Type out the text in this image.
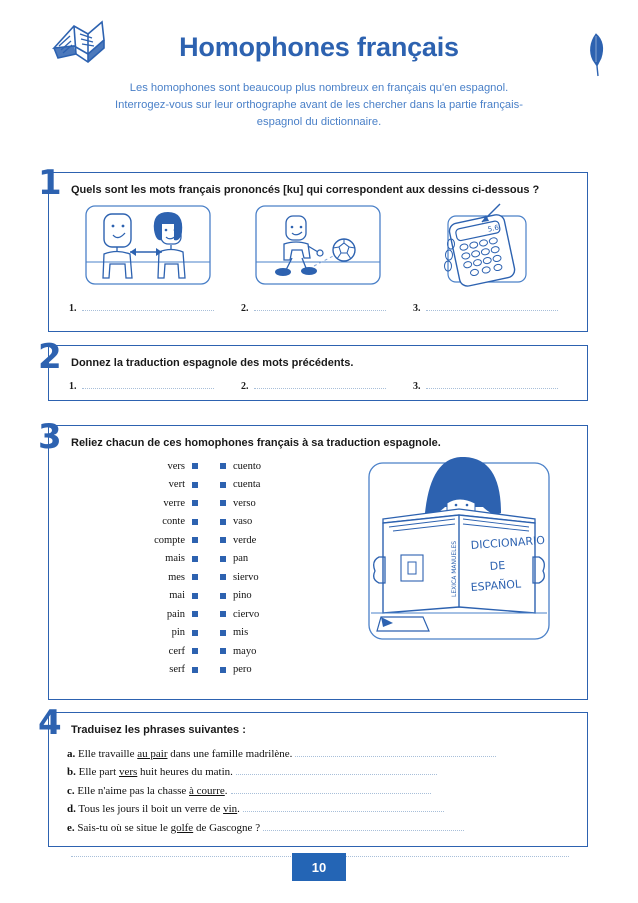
Homophones français
Les homophones sont beaucoup plus nombreux en français qu'en espagnol. Interrogez-vous sur leur orthographe avant de les chercher dans la partie français-espagnol du dictionnaire.
1 Quels sont les mots français prononcés [ku] qui correspondent aux dessins ci-dessous ?
5.6
1.	2.	3.
2 Donnez la traduction espagnole des mots précédents.
1.	2.	3.
3 Reliez chacun de ces homophones français à sa traduction espagnole.
vers
vert
verre
conte
compte
mais
mes
mai
pain
pin
cerf
serf
cuento
cuenta
verso
vaso
verde
pan
siervo
pino
ciervo
mis
mayo
pero
LEXICA MANUELES DICCIONARIO
DE
ESPAÑOL
4 Traduisez les phrases suivantes :
a. Elle travaille au pair dans une famille madrilène.
b. Elle part vers huit heures du matin.
c. Elle n'aime pas la chasse à courre.
d. Tous les jours il boit un verre de vin.
e. Sais-tu où se situe le golfe de Gascogne ?
10
